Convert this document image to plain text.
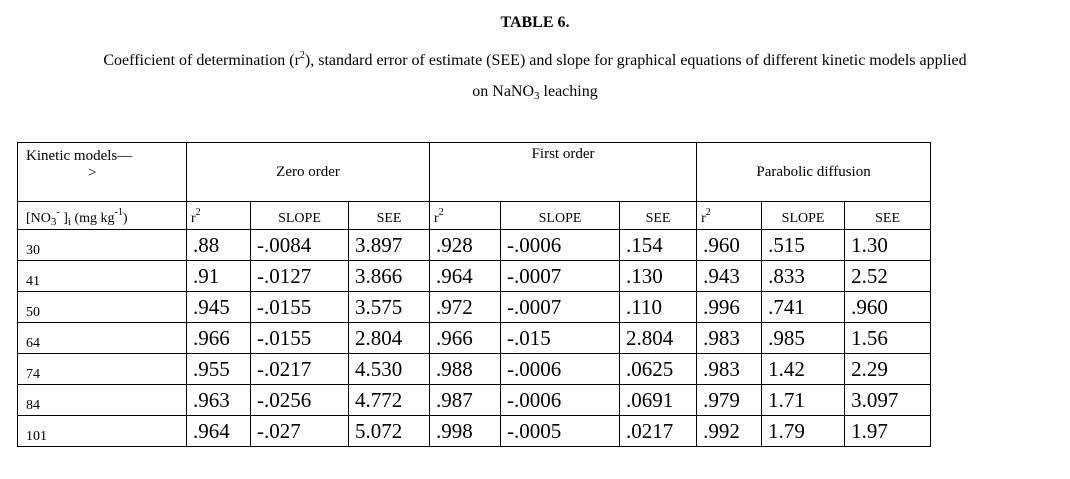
TABLE 6.
Coefficient of determination $(r^2)$, standard error of estimate (SEE) and slope for graphical equations of different kinetic models applied
on NaNO$_3$ leaching
Kinetic models—
>	Zero order			First order			Parabolic diffusion		
[$NO_3^-$ ]$_i$ (mg $kg^{-1}$)	$r^2$	SLOPE	SEE	$r^2$	SLOPE	SEE	$r^2$	SLOPE	SEE
30	.88	-.0084	3.897	.928	-.0006	.154	.960	.515	1.30
41	.91	-.0127	3.866	.964	-.0007	.130	.943	.833	2.52
50	.945	-.0155	3.575	.972	-.0007	.110	.996	.741	.960
64	.966	-.0155	2.804	.966	-.015	2.804	.983	.985	1.56
74	.955	-.0217	4.530	.988	-.0006	.0625	.983	1.42	2.29
84	.963	-.0256	4.772	.987	-.0006	.0691	.979	1.71	3.097
101	.964	-.027	5.072	.998	-.0005	.0217	.992	1.79	1.97
